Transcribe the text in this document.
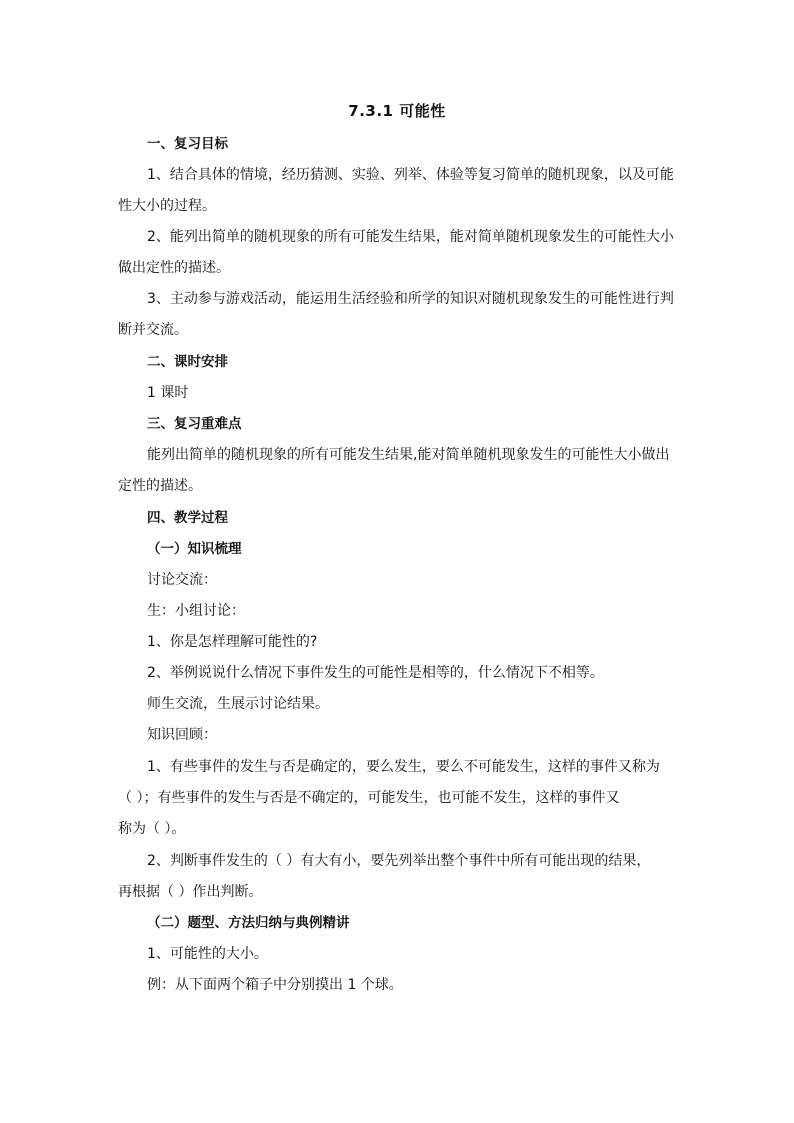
7.3.1 可能性
一、复习目标
1、结合具体的情境，经历猜测、实验、列举、体验等复习简单的随机现象，以及可能
性大小的过程。
2、能列出简单的随机现象的所有可能发生结果，能对简单随机现象发生的可能性大小
做出定性的描述。
3、主动参与游戏活动，能运用生活经验和所学的知识对随机现象发生的可能性进行判
断并交流。
二、课时安排
1 课时
三、复习重难点
能列出简单的随机现象的所有可能发生结果,能对简单随机现象发生的可能性大小做出
定性的描述。
四、教学过程
（一）知识梳理
讨论交流：
生：小组讨论：
1、你是怎样理解可能性的?
2、举例说说什么情况下事件发生的可能性是相等的，什么情况下不相等。
师生交流，生展示讨论结果。
知识回顾：
1、有些事件的发生与否是确定的，要么发生，要么不可能发生，这样的事件又称为
（ ）；有些事件的发生与否是不确定的，可能发生，也可能不发生，这样的事件又
称为（ ）。
2、判断事件发生的（ ）有大有小，要先列举出整个事件中所有可能出现的结果，
再根据（ ）作出判断。
（二）题型、方法归纳与典例精讲
1、可能性的大小。
例：从下面两个箱子中分别摸出 1 个球。
